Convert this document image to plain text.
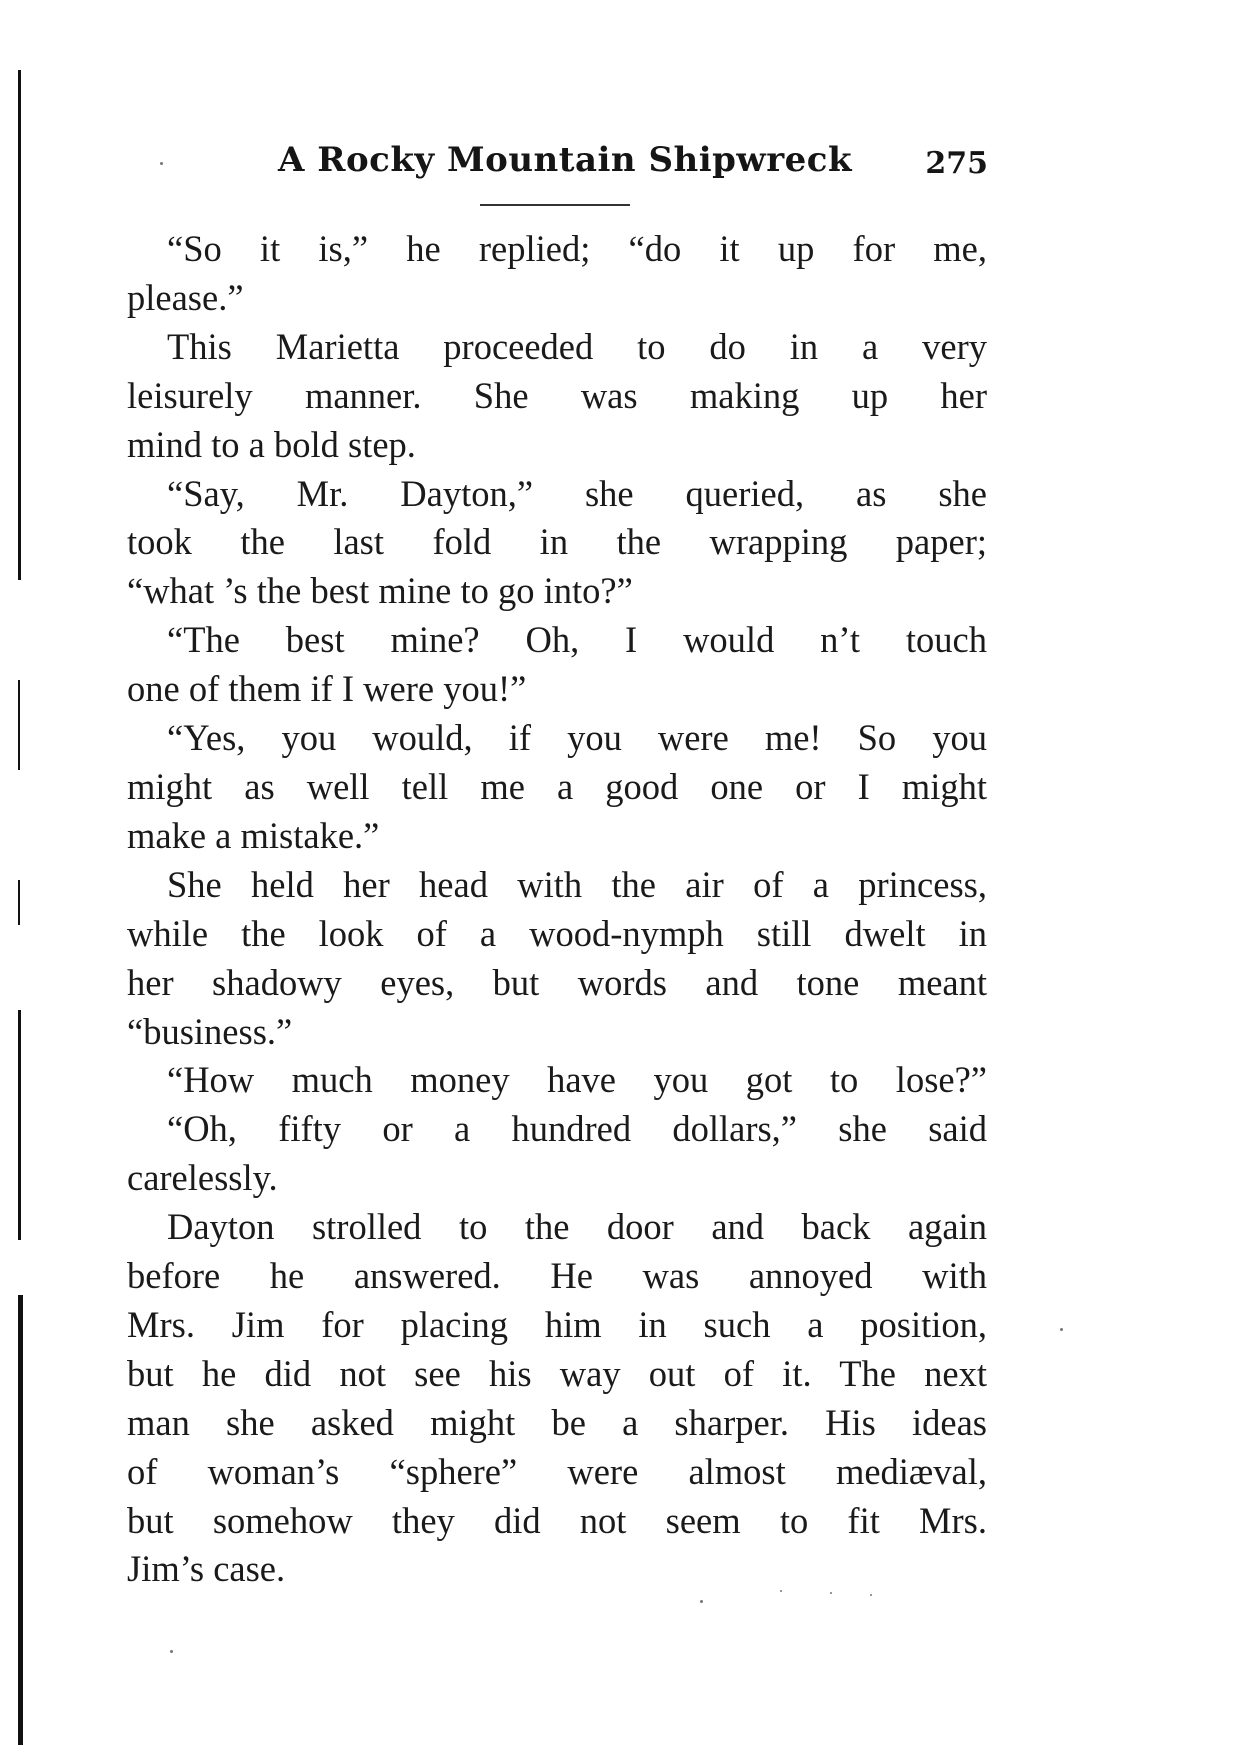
A Rocky Mountain Shipwreck 275
“So it is,” he replied; “do it up for me,
please.”
This Marietta proceeded to do in a very
leisurely manner. She was making up her
mind to a bold step.
“Say, Mr. Dayton,” she queried, as she
took the last fold in the wrapping paper;
“what ’s the best mine to go into?”
“The best mine? Oh, I would n’t touch
one of them if I were you!”
“Yes, you would, if you were me! So you
might as well tell me a good one or I might
make a mistake.”
She held her head with the air of a princess,
while the look of a wood-nymph still dwelt in
her shadowy eyes, but words and tone meant
“business.”
“How much money have you got to lose?”
“Oh, fifty or a hundred dollars,” she said
carelessly.
Dayton strolled to the door and back again
before he answered. He was annoyed with
Mrs. Jim for placing him in such a position,
but he did not see his way out of it. The next
man she asked might be a sharper. His ideas
of woman’s “sphere” were almost mediæval,
but somehow they did not seem to fit Mrs.
Jim’s case.
